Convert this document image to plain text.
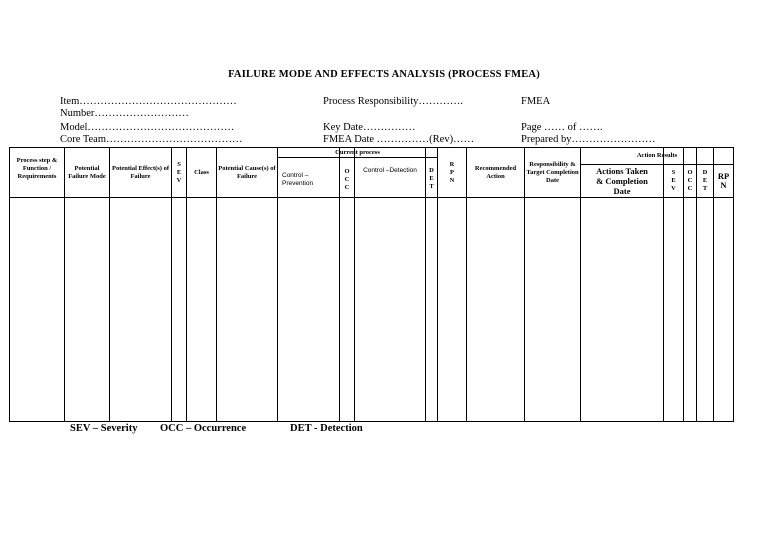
FAILURE MODE AND EFFECTS ANALYSIS (PROCESS FMEA)
Item………………………………………
Number………………………
Model……………………………………
Core Team…………………………………
Process Responsibility………….
Key Date……………
FMEA Date ……………(Rev)……
FMEA
Page …… of …….
Prepared by……………………
Process step & Function / Requirements
Potential Failure Mode
Potential Effect(s) of Failure
S E V
Class
Potential Cause(s) of Failure
Current process
Control – Prevention
O C C
Control –Detection	D E T
R P N
Recommended Action
Responsibility & Target Completion Date
Action Results
Actions Taken & Completion Date
S E V
O C C
D E T
RP N
SEV – Severity OCC – Occurrence	DET - Detection
